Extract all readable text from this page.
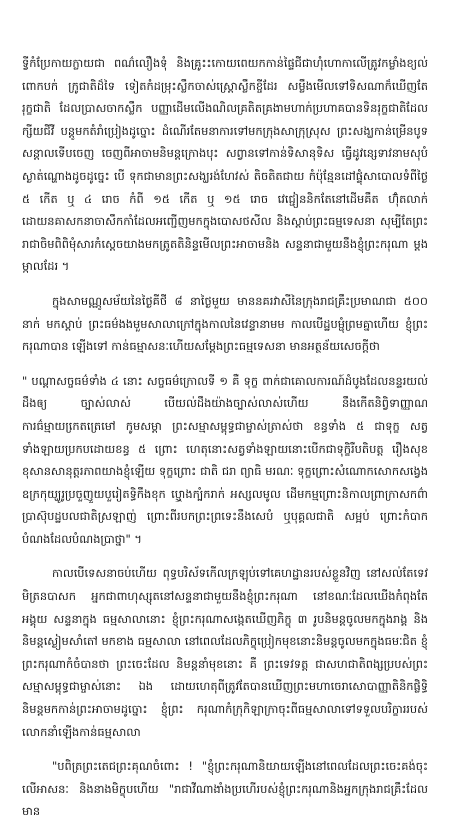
ទ្វីកំប្រែកាយក្លាយជា ពណ៌លឿងទុំ និងគ្រូះះកោយពេយកកាន់ផ្ទៃជីជាហុំហោកាលើត្រូវកម្លាំងខ្យល់ ពោកបក់ ក្រូជាតិដ៏ទៃ ទៀតកំដម្រុះស្លឹកចាស់ស្ដ្រោស្លឹកខ្ចីដែរ សម្លឹងមើលទៅទិសណាក៏ឃើញតែរុក្ខជាតិ ដែលប្រាសចាកស្លឹក បញ្ញាដើមលើងណិលគ្រតិតគ្រងាមហាក់ប្រហាគបានទិនរុក្ខជាតិដែលក្សីយជីវី បន្តូមកតំរាំប្រៀងដូច្នោះ ដំណើរតែមនាការទៅមកក្រុងសាក្រុស្រុស ព្រះសង្ឃកាន់ម្រើនបូទសន្តាលទើបចេញ ចេញពីអាចាមនិមន្តក្រោងបុះ សព្វានទៅកាន់ទិសានុទិស ធ្វើដូវន្សេទាវនាមសុបំស្ងាត់ណ្ហោងដូចដូច្នេះ បើ ទុកជាមានព្រះសង្ឃរង់ហែវស់ តិចតិតជាយ កំប៉ុន្មែនដៅផ្ទុំសាបោលទំពីថ្ងៃ ៥ កើត ឬ ៤ រោច កំពី ១៥ កើត ឬ ១៥ រោច វេជ្ជៀននិកតែនៅដើមគឹត ហ៊ុំតលាក់ដោយនគាសកនាចាសឹកកាំដែលអញ្ជើញមកក្នុងបោសថសីល និងស្ដាប់ព្រះធម្មទេសនា សុម្បីតែព្រះរាជាចិមពិពិមុំសារកំស្ដេចយាងមកត្រូតតិនិន្ទមើលព្រះអាចាមនិង សន្ទនាជាមួយនឹងខ្ញុំព្រះករុណា ម្ដងម្កាលដែរ ។

ក្នុងសាមណ្ណូសម័យនៃថ្ងៃគីថី ៨ នាថ្ងៃមួយ មាននគរវាសីនៃក្រុងរាជគ្រឹះប្រមាណជា ៥០០ នាក់ មកស្ដាប់ ព្រះធម៌ងងមួមសាលាក្រៅក្នុងកាលនៃវេន្ទានាមម កាលបើដ្ឋបម្ផុំព្រមគ្នាហើយ ខ្ញុំព្រះករុណាបាន ឡើងទៅ កាន់ធម្មាសនៈហើយសម្ដែងព្រះធម្មទេសនា មានអត្ថន័យសេចក្ដីថា

" បណ្ដាសច្ចធម៌ទាំង ៤ នោះ សច្ចធម៌ក្រោលទី ១ គឺ ទុក្ខ ពាក់ជាគោលការណ៍ដំបូងដែលនន្ទរយល់ដឹងឲ្យ ច្បាស់លាស់ បើយល់ដឹងយ៉ាងច្បាស់លាស់ហើយ នឹងកើតនិព្វិទាញ្ញាណ ការធ៌ម្មាយកេ្រតត្រេមៅ កូមសម្ដា ព្រះសម្មាសម្ពុទ្ធជាម្ចាស់ត្រាស់ថា ខន្ធទាំង ៥ ជាទុក្ខ សត្វទាំងឡាយប្រកបដោយខន្ធ ៥ ព្រោះ ហេតុនោះសត្វទាំងឡាយនោះបើកជាទុក្ខិរឺបតិបត្ត រឿងសុខ ខុសានសានុត្តរភាពយាងខ្ញុំឡើយ ទុក្ខព្រោះ ជាតិ ជរា ព្យាធិ មរណៈ ទុក្ខព្រោះសំណោកសោកសង្វេង ឧក្រកុយ្ឃូរូប្រចួញួយបួរៀតទ្ធិកឹងខុក ឬ្ញោងក្បំករាក់ អស្សលមូល ដើមកម្មព្រោះនិកាលព្រាក្រាសកព៌ាប្រាស៊ុបដ្ឋបលជាតិស្រឡាញ់ ព្រោះពីរបកព្រះព្រទេះនឹងសេបំ ឬបុគ្គលជាតិ សម្អប់ ព្រោះកំបាកបំណងដែលបំណងប្រាថ្នា" ។

កាលបើទេសនាចប់ហើយ ពុទ្ធបរិស័ទកើលក្រឡុប់ទៅគេហដ្ឋានរបស់ខ្លួនវិញ នៅសល់តែទេវ មិត្រនបាសក អ្នកជាពាហុស្សុតនៅសន្ទនាជាមួយនឹងខ្ញុំព្រះករុណា នៅខណៈដែលឃើងកំពុងតែអង្គុយ សន្ទនាក្នុង ធម្មសាលានោះ ខ្ញុំព្រះករុណាសង្កេតឃើញភិក្ខុ ៣ រូបនិមន្តចូលមកក្នុងរាង្គ និងនិមន្តស្ងៀមសាំតៅ មកខាង ធម្មសាលា នៅពេលដែលភិក្ខុប្រៀកមុខនោះនិមន្តចូលមកក្នុងធមៈជិត ខ្ញុំព្រះករុណាកំចំបានថា ព្រះចេះដែល និមន្តនាំមុខនោះ គឺ ព្រះទេវទត្ត ជាសហជាតិពង្សប្របស់ព្រះសម្មាសម្ពុទ្ធជាម្ចាស់នោះ ឯង ដោយហេតុពីត្រូវតែបានឃើញព្រះមហាចេរាសោបាញ្ញាតិនិកផ្លិទ្ធិនិមន្តមកកាន់ព្រះអាចាមដូច្នោះ ខ្ញុំព្រះ ករុណាកំក្រុកិឡាក្រាចុះពីធម្មសាលាទៅទទួលបរិក្ខាររបស់លោកនាំឡើងកាន់ធម្មសាលា

"បពិត្រព្រះតេជព្រះគុណចំពោះ ! "ខ្ញុំព្រះករុណានិយាយឡើងនៅពេលដែលព្រះចេះគង់ចុះ លើអាសនៈ និងនាងមិក្ខុបហើយ "រាជាវីណាងាំងប្រហើរបស់ខ្ញុំព្រះករុណានិងអ្នកក្រុងរាជគ្រឹះដែលមាន
